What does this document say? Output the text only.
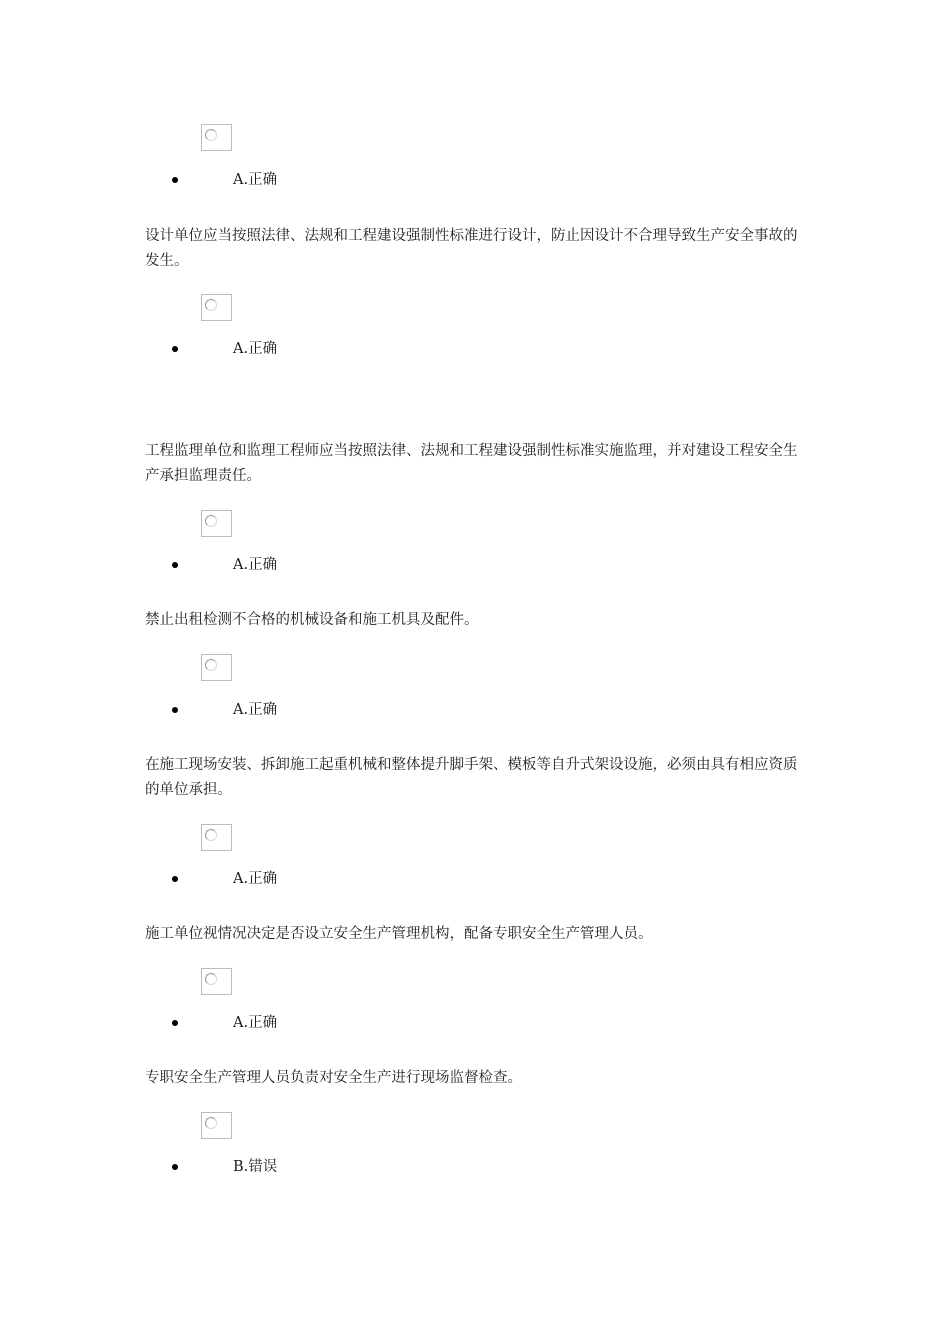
A.正确

设计单位应当按照法律、法规和工程建设强制性标准进行设计，防止因设计不合理导致生产安全事故的发生。

A.正确

工程监理单位和监理工程师应当按照法律、法规和工程建设强制性标准实施监理，并对建设工程安全生产承担监理责任。

A.正确

禁止出租检测不合格的机械设备和施工机具及配件。

A.正确

在施工现场安装、拆卸施工起重机械和整体提升脚手架、模板等自升式架设设施，必须由具有相应资质的单位承担。

A.正确

施工单位视情况决定是否设立安全生产管理机构，配备专职安全生产管理人员。

A.正确

专职安全生产管理人员负责对安全生产进行现场监督检查。

B.错误
